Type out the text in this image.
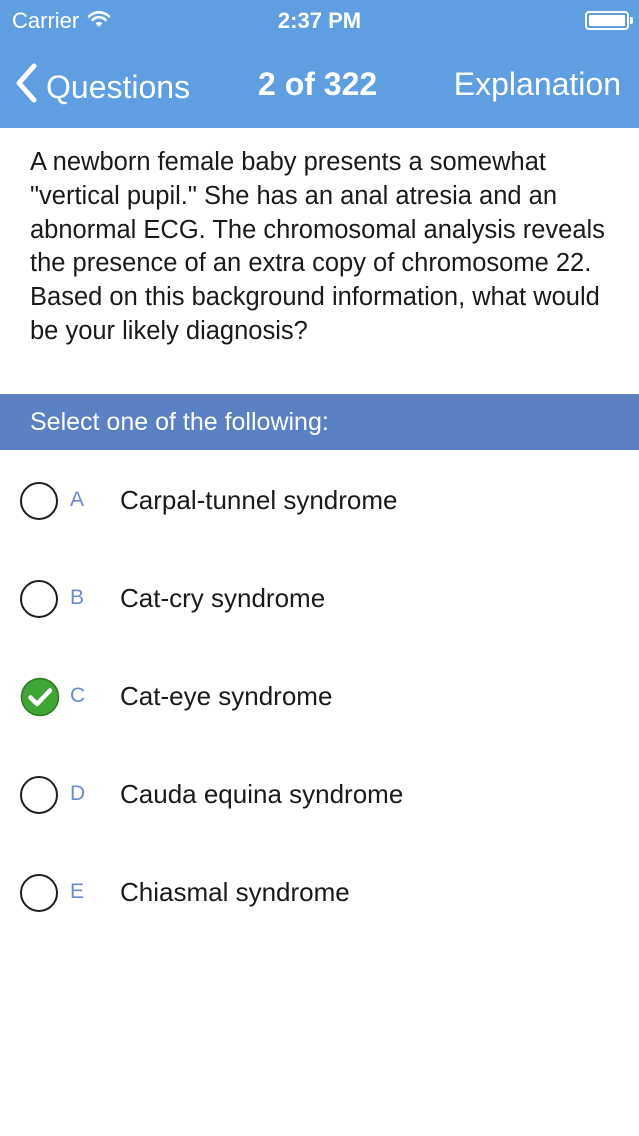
Carrier	2:37 PM
Questions 2 of 322 Explanation
A newborn female baby presents a somewhat "vertical pupil." She has an anal atresia and an abnormal ECG. The chromosomal analysis reveals the presence of an extra copy of chromosome 22. Based on this background information, what would be your likely diagnosis?
Select one of the following:
A Carpal-tunnel syndrome
B Cat-cry syndrome
C Cat-eye syndrome
D Cauda equina syndrome
E Chiasmal syndrome
